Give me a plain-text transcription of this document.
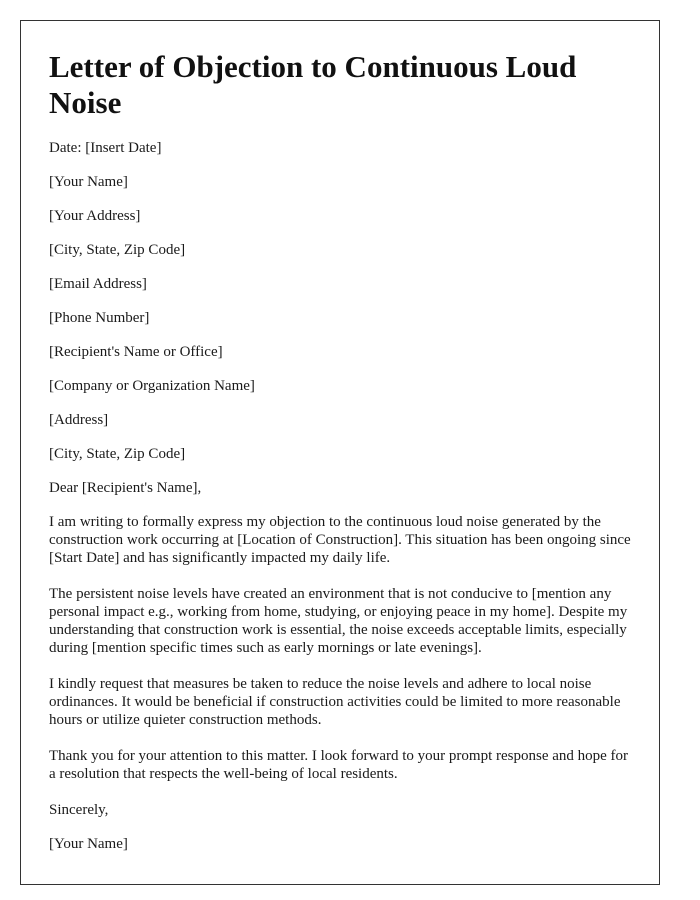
Letter of Objection to Continuous Loud Noise

Date: [Insert Date]

[Your Name]

[Your Address]

[City, State, Zip Code]

[Email Address]

[Phone Number]

[Recipient's Name or Office]

[Company or Organization Name]

[Address]

[City, State, Zip Code]

Dear [Recipient's Name],

I am writing to formally express my objection to the continuous loud noise generated by the construction work occurring at [Location of Construction]. This situation has been ongoing since [Start Date] and has significantly impacted my daily life.

The persistent noise levels have created an environment that is not conducive to [mention any personal impact e.g., working from home, studying, or enjoying peace in my home]. Despite my understanding that construction work is essential, the noise exceeds acceptable limits, especially during [mention specific times such as early mornings or late evenings].

I kindly request that measures be taken to reduce the noise levels and adhere to local noise ordinances. It would be beneficial if construction activities could be limited to more reasonable hours or utilize quieter construction methods.

Thank you for your attention to this matter. I look forward to your prompt response and hope for a resolution that respects the well-being of local residents.

Sincerely,

[Your Name]
